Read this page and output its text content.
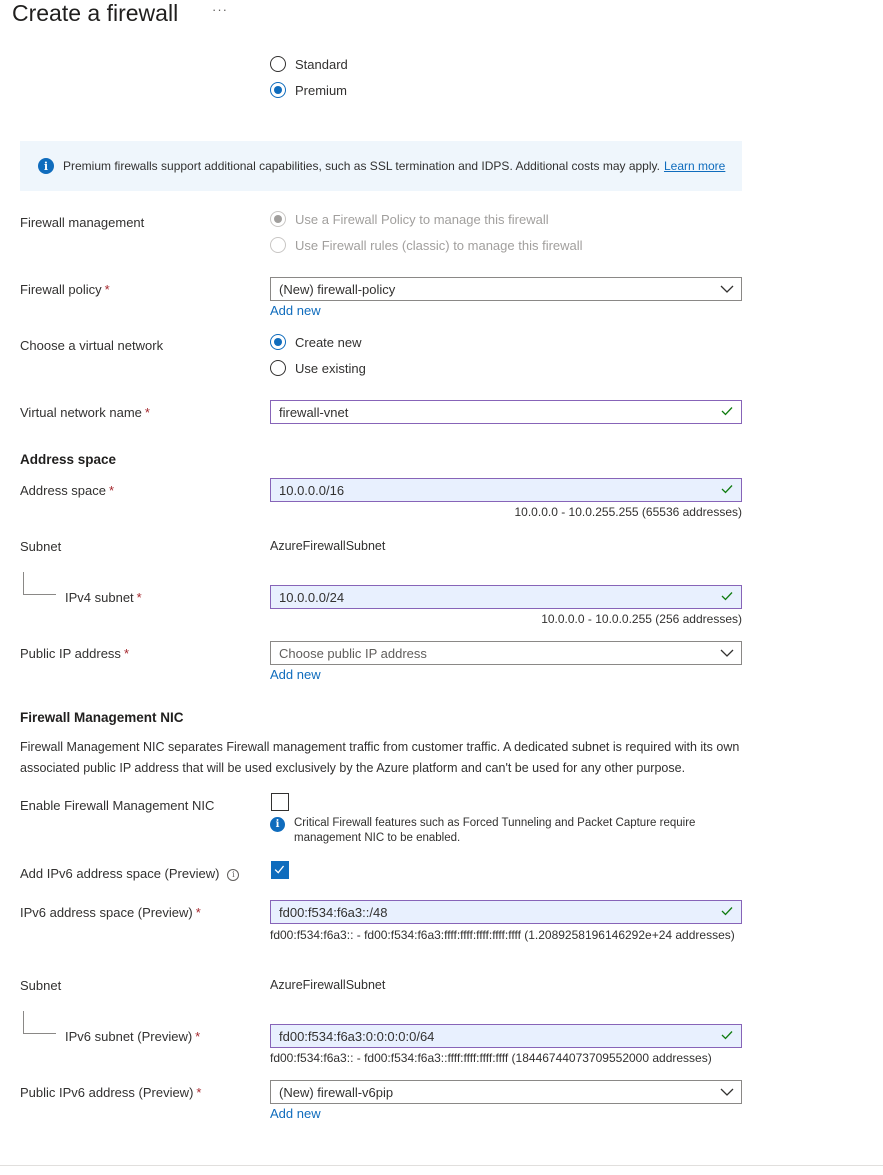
Create a firewall	···
Standard
Premium
i	Premium firewalls support additional capabilities, such as SSL termination and IDPS. Additional costs may apply. Learn more
Firewall management	Use a Firewall Policy to manage this firewall
Use Firewall rules (classic) to manage this firewall
Firewall policy *	(New) firewall-policy
Add new
Choose a virtual network	Create new
Use existing
Virtual network name *	firewall-vnet
Address space
Address space *	10.0.0.0/16
10.0.0.0 - 10.0.255.255 (65536 addresses)
Subnet	AzureFirewallSubnet
IPv4 subnet *	10.0.0.0/24
10.0.0.0 - 10.0.0.255 (256 addresses)
Public IP address *	Choose public IP address
Add new
Firewall Management NIC
Firewall Management NIC separates Firewall management traffic from customer traffic. A dedicated subnet is required with its own associated public IP address that will be used exclusively by the Azure platform and can't be used for any other purpose.
Enable Firewall Management NIC
i	Critical Firewall features such as Forced Tunneling and Packet Capture require management NIC to be enabled.
Add IPv6 address space (Preview) i
IPv6 address space (Preview) *	fd00:f534:f6a3::/48
fd00:f534:f6a3:: - fd00:f534:f6a3:ffff:ffff:ffff:ffff:ffff (1.2089258196146292e+24 addresses)
Subnet	AzureFirewallSubnet
IPv6 subnet (Preview) *	fd00:f534:f6a3:0:0:0:0:0/64
fd00:f534:f6a3:: - fd00:f534:f6a3::ffff:ffff:ffff:ffff (18446744073709552000 addresses)
Public IPv6 address (Preview) *	(New) firewall-v6pip
Add new
